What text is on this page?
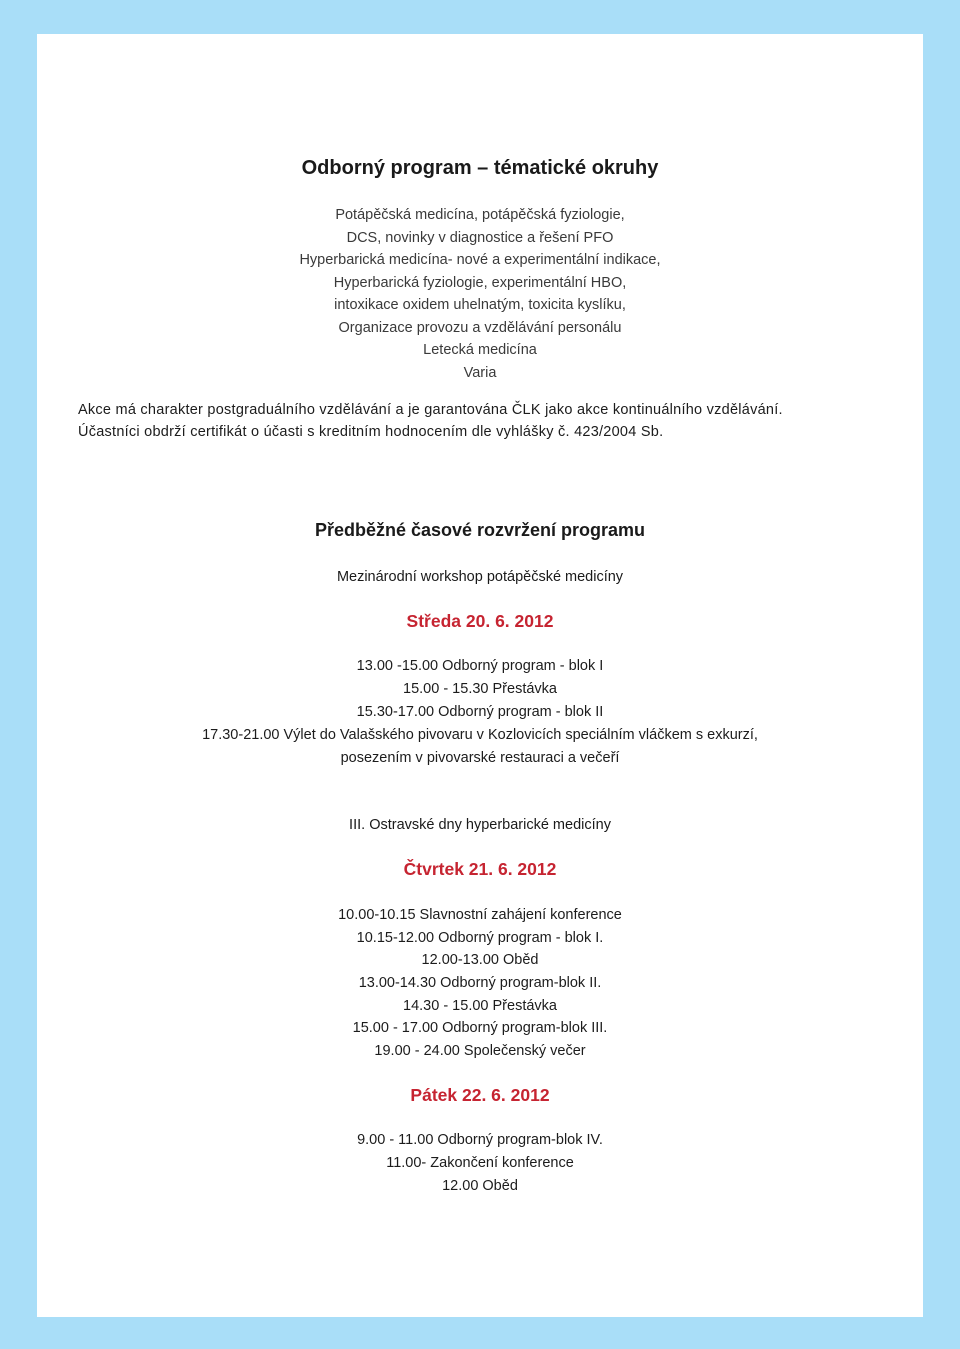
Odborný program – tématické okruhy
Potápěčská medicína, potápěčská fyziologie,
DCS, novinky v diagnostice a řešení PFO
Hyperbarická medicína- nové a experimentální indikace,
Hyperbarická fyziologie, experimentální HBO,
intoxikace oxidem uhelnatým, toxicita kyslíku,
Organizace provozu a vzdělávání personálu
Letecká medicína
Varia
Akce má charakter postgraduálního vzdělávání a je garantována ČLK jako akce kontinuálního vzdělávání.
Účastníci obdrží certifikát o účasti s kreditním hodnocením dle vyhlášky č. 423/2004 Sb.
Předběžné časové rozvržení programu
Mezinárodní workshop potápěčské medicíny
Středa 20. 6. 2012
13.00 -15.00 Odborný program - blok I
15.00 - 15.30 Přestávka
15.30-17.00 Odborný program - blok II
17.30-21.00 Výlet do Valašského pivovaru v Kozlovicích speciálním vláčkem s exkurzí,
posezením v pivovarské restauraci a večeří
III. Ostravské dny hyperbarické medicíny
Čtvrtek 21. 6. 2012
10.00-10.15 Slavnostní zahájení konference
10.15-12.00 Odborný program - blok I.
12.00-13.00 Oběd
13.00-14.30 Odborný program-blok II.
14.30 - 15.00 Přestávka
15.00 - 17.00 Odborný program-blok III.
19.00 - 24.00 Společenský večer
Pátek 22. 6. 2012
9.00 - 11.00 Odborný program-blok IV.
11.00- Zakončení konference
12.00 Oběd
